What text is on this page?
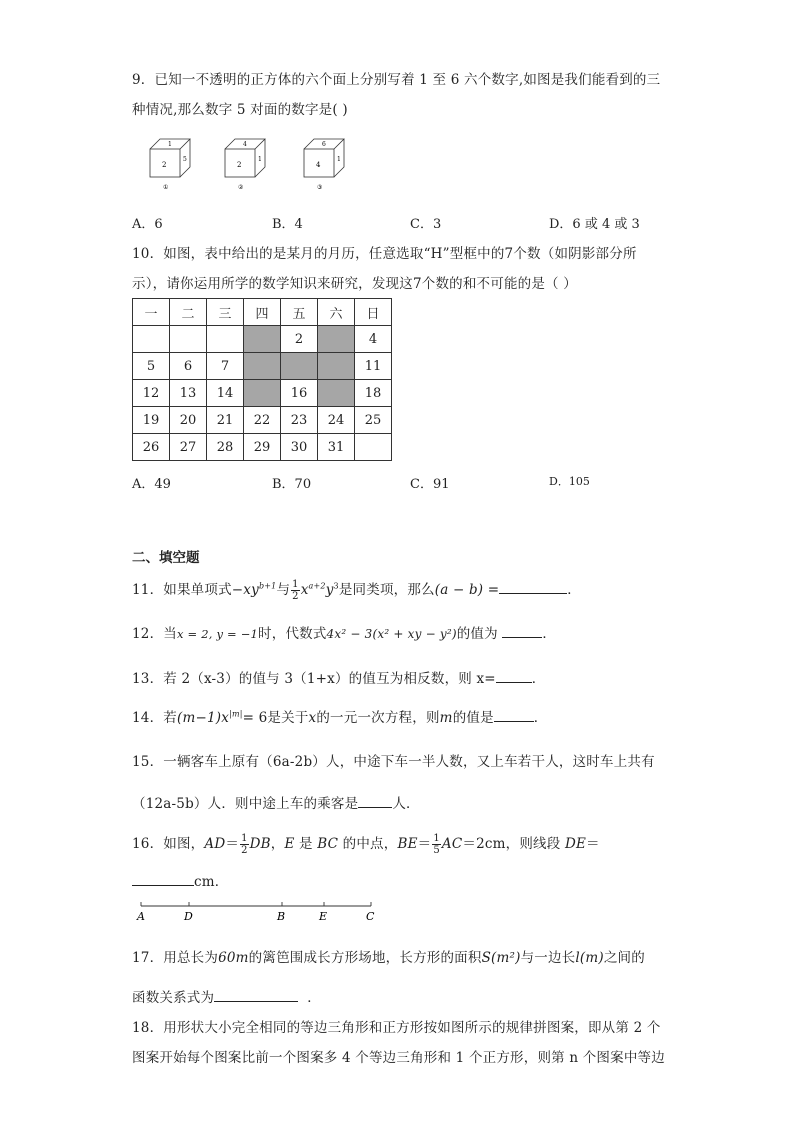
9．已知一不透明的正方体的六个面上分别写着 1 至 6 六个数字,如图是我们能看到的三
种情况,那么数字 5 对面的数字是( )
2
1
5
①
2
4
1
②
4
6
1
③
A．6	B．4	C．3	D．6 或 4 或 3
10．如图，表中给出的是某月的月历，任意选取“H”型框中的7个数（如阴影部分所
示），请你运用所学的数学知识来研究，发现这7个数的和不可能的是（ ）
一	二	三	四	五	六	日
				2		4
5	6	7				11
12	13	14		16		18
19	20	21	22	23	24	25
26	27	28	29	30	31	
A．49	B．70	C．91	D．105
二、填空题
11．如果单项式$-xy^{b+1}$与 $\frac{1}{2} x^{a+2}y^3$是同类项，那么(a − b) =	．
12．当x = 2, y = −1时，代数式4x² − 3(x² + xy − y²)的值为	．
13．若 2（x-3）的值与 3（1+x）的值互为相反数，则 x=	．
14．若$(m-1)x^{|m|}= 6$是关于x的一元一次方程，则m的值是	．
15．一辆客车上原有（6a-2b）人，中途下车一半人数，又上车若干人，这时车上共有
（12a-5b）人．则中途上车的乘客是	人．
16．如图，$AD= \frac{1}{2}$ DB，E 是 BC 的中点，$BE= \frac{1}{5} AC=2cm$，则线段 DE＝
cm．
A	D	B	E	C
17．用总长为60m的篱笆围成长方形场地，长方形的面积S(m²)与一边长l(m)之间的
函数关系式为	．
18．用形状大小完全相同的等边三角形和正方形按如图所示的规律拼图案，即从第 2 个
图案开始每个图案比前一个图案多 4 个等边三角形和 1 个正方形，则第 n 个图案中等边
